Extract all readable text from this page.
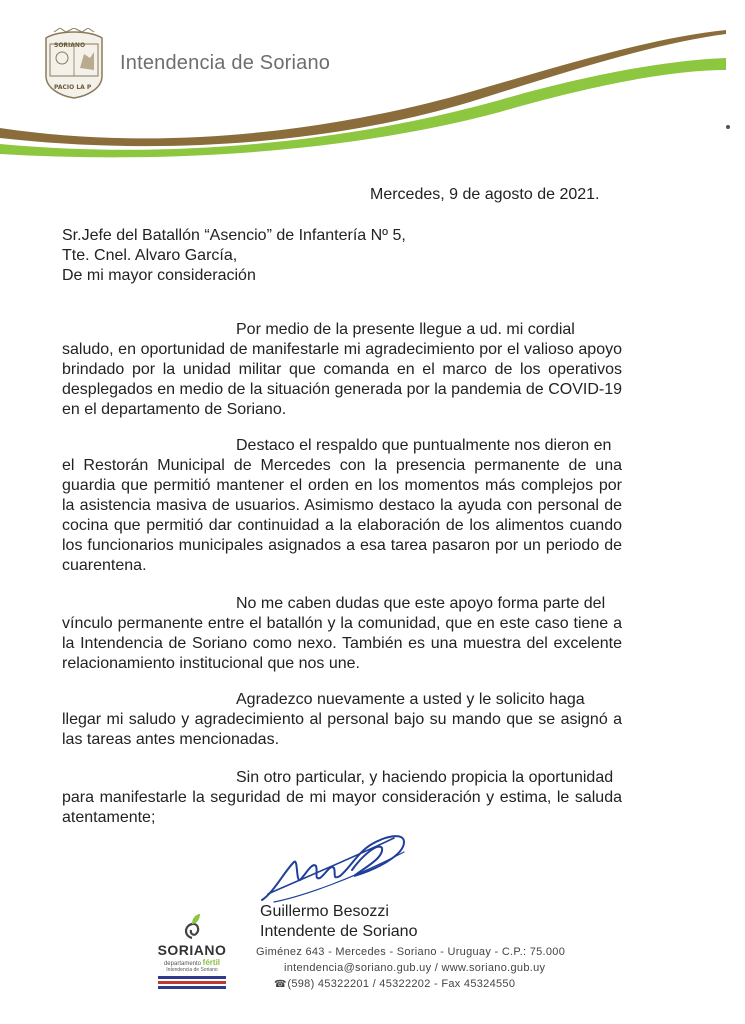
SORIANO
PACIO LA P
Intendencia de Soriano
Mercedes, 9 de agosto de 2021.
Sr.Jefe del Batallón “Asencio” de Infantería Nº 5,
Tte. Cnel. Alvaro García,
De mi mayor consideración
Por medio de la presente llegue a ud. mi cordial
saludo, en oportunidad de manifestarle mi agradecimiento por el valioso apoyo brindado por la unidad militar que comanda en el marco de los operativos desplegados en medio de la situación generada por la pandemia de COVID-19 en el departamento de Soriano.
Destaco el respaldo que puntualmente nos dieron en
el Restorán Municipal de Mercedes con la presencia permanente de una guardia que permitió mantener el orden en los momentos más complejos por la asistencia masiva de usuarios. Asimismo destaco la ayuda con personal de cocina que permitió dar continuidad a la elaboración de los alimentos cuando los funcionarios municipales asignados a esa tarea pasaron por un periodo de cuarentena.
No me caben dudas que este apoyo forma parte del
vínculo permanente entre el batallón y la comunidad, que en este caso tiene a la Intendencia de Soriano como nexo. También es una muestra del excelente relacionamiento institucional que nos une.
Agradezco nuevamente a usted y le solicito haga
llegar mi saludo y agradecimiento al personal bajo su mando que se asignó a las tareas antes mencionadas.
Sin otro particular, y haciendo propicia la oportunidad
para manifestarle la seguridad de mi mayor consideración y estima, le saluda atentamente;
Guillermo Besozzi
Intendente de Soriano
SORIANO
departamento fértil
Intendencia de Soriano
Giménez 643 - Mercedes - Soriano - Uruguay - C.P.: 75.000
intendencia@soriano.gub.uy / www.soriano.gub.uy
☎ (598) 45322201 / 45322202 - Fax 45324550
